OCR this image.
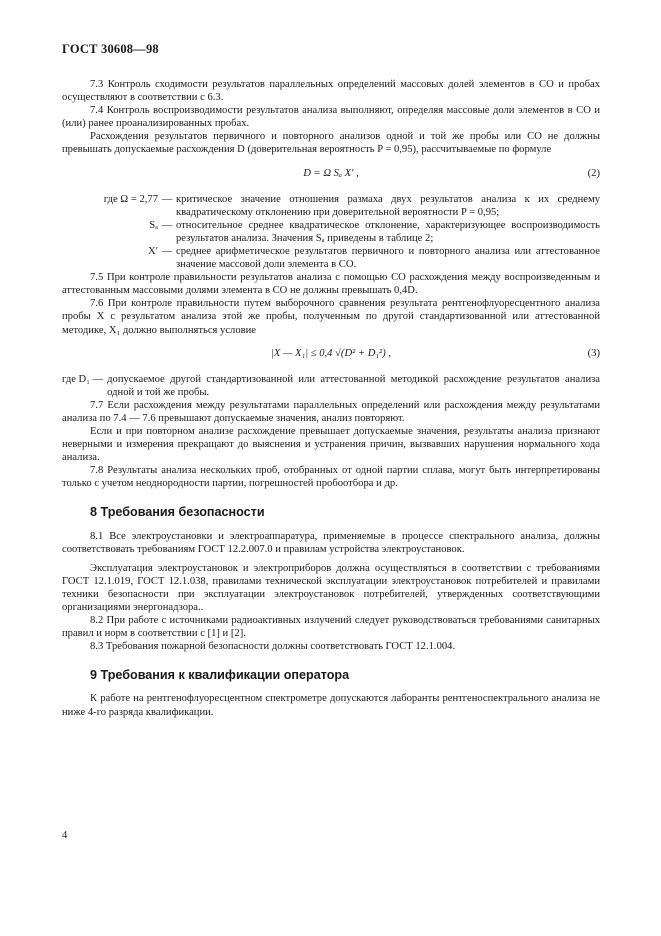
ГОСТ 30608—98

7.3 Контроль сходимости результатов параллельных определений массовых долей элементов в СО и пробах осуществляют в соответствии с 6.3.

7.4 Контроль воспроизводимости результатов анализа выполняют, определяя массовые доли элементов в СО и (или) ранее проанализированных пробах.

Расхождения результатов первичного и повторного анализов одной и той же пробы или СО не должны превышать допускаемые расхождения D (доверительная вероятность P = 0,95), рассчитываемые по формуле

D = Ω Sₐ X′ ,	(2)
где Ω = 2,77 — критическое значение отношения размаха двух результатов анализа к их среднему квадратическому отклонению при доверительной вероятности P = 0,95;
Sₐ — относительное среднее квадратическое отклонение, характеризующее воспроизводимость результатов анализа. Значения Sₐ приведены в таблице 2;
X′ — среднее арифметическое результатов первичного и повторного анализа или аттестованное значение массовой доли элемента в СО.

7.5 При контроле правильности результатов анализа с помощью СО расхождения между воспроизведенным и аттестованным массовыми долями элемента в СО не должны превышать 0,4D.

7.6 При контроле правильности путем выборочного сравнения результата рентгенофлуоресцентного анализа пробы X с результатом анализа этой же пробы, полученным по другой стандартизованной или аттестованной методике, X₁ должно выполняться условие

|X — X₁| ≤ 0,4 √(D² + D₁²) ,	(3)
где D₁ — допускаемое другой стандартизованной или аттестованной методикой расхождение результатов анализа одной и той же пробы.

7.7 Если расхождения между результатами параллельных определений или расхождения между результатами анализа по 7.4 — 7.6 превышают допускаемые значения, анализ повторяют.

Если и при повторном анализе расхождение превышает допускаемые значения, результаты анализа признают неверными и измерения прекращают до выяснения и устранения причин, вызвавших нарушения нормального хода анализа.

7.8 Результаты анализа нескольких проб, отобранных от одной партии сплава, могут быть интерпретированы только с учетом неоднородности партии, погрешностей пробоотбора и др.

8 Требования безопасности

8.1 Все электроустановки и электроаппаратура, применяемые в процессе спектрального анализа, должны соответствовать требованиям ГОСТ 12.2.007.0 и правилам устройства электроустановок.

Эксплуатация электроустановок и электроприборов должна осуществляться в соответствии с требованиями ГОСТ 12.1.019, ГОСТ 12.1.038, правилами технической эксплуатации электроустановок потребителей и правилами техники безопасности при эксплуатации электроустановок потребителей, утвержденных соответствующими организациями энергонадзора..

8.2 При работе с источниками радиоактивных излучений следует руководствоваться требованиями санитарных правил и норм в соответствии с [1] и [2].

8.3 Требования пожарной безопасности должны соответствовать ГОСТ 12.1.004.

9 Требования к квалификации оператора

К работе на рентгенофлуоресцентном спектрометре допускаются лаборанты рентгеноспектрального анализа не ниже 4-го разряда квалификации.

4
